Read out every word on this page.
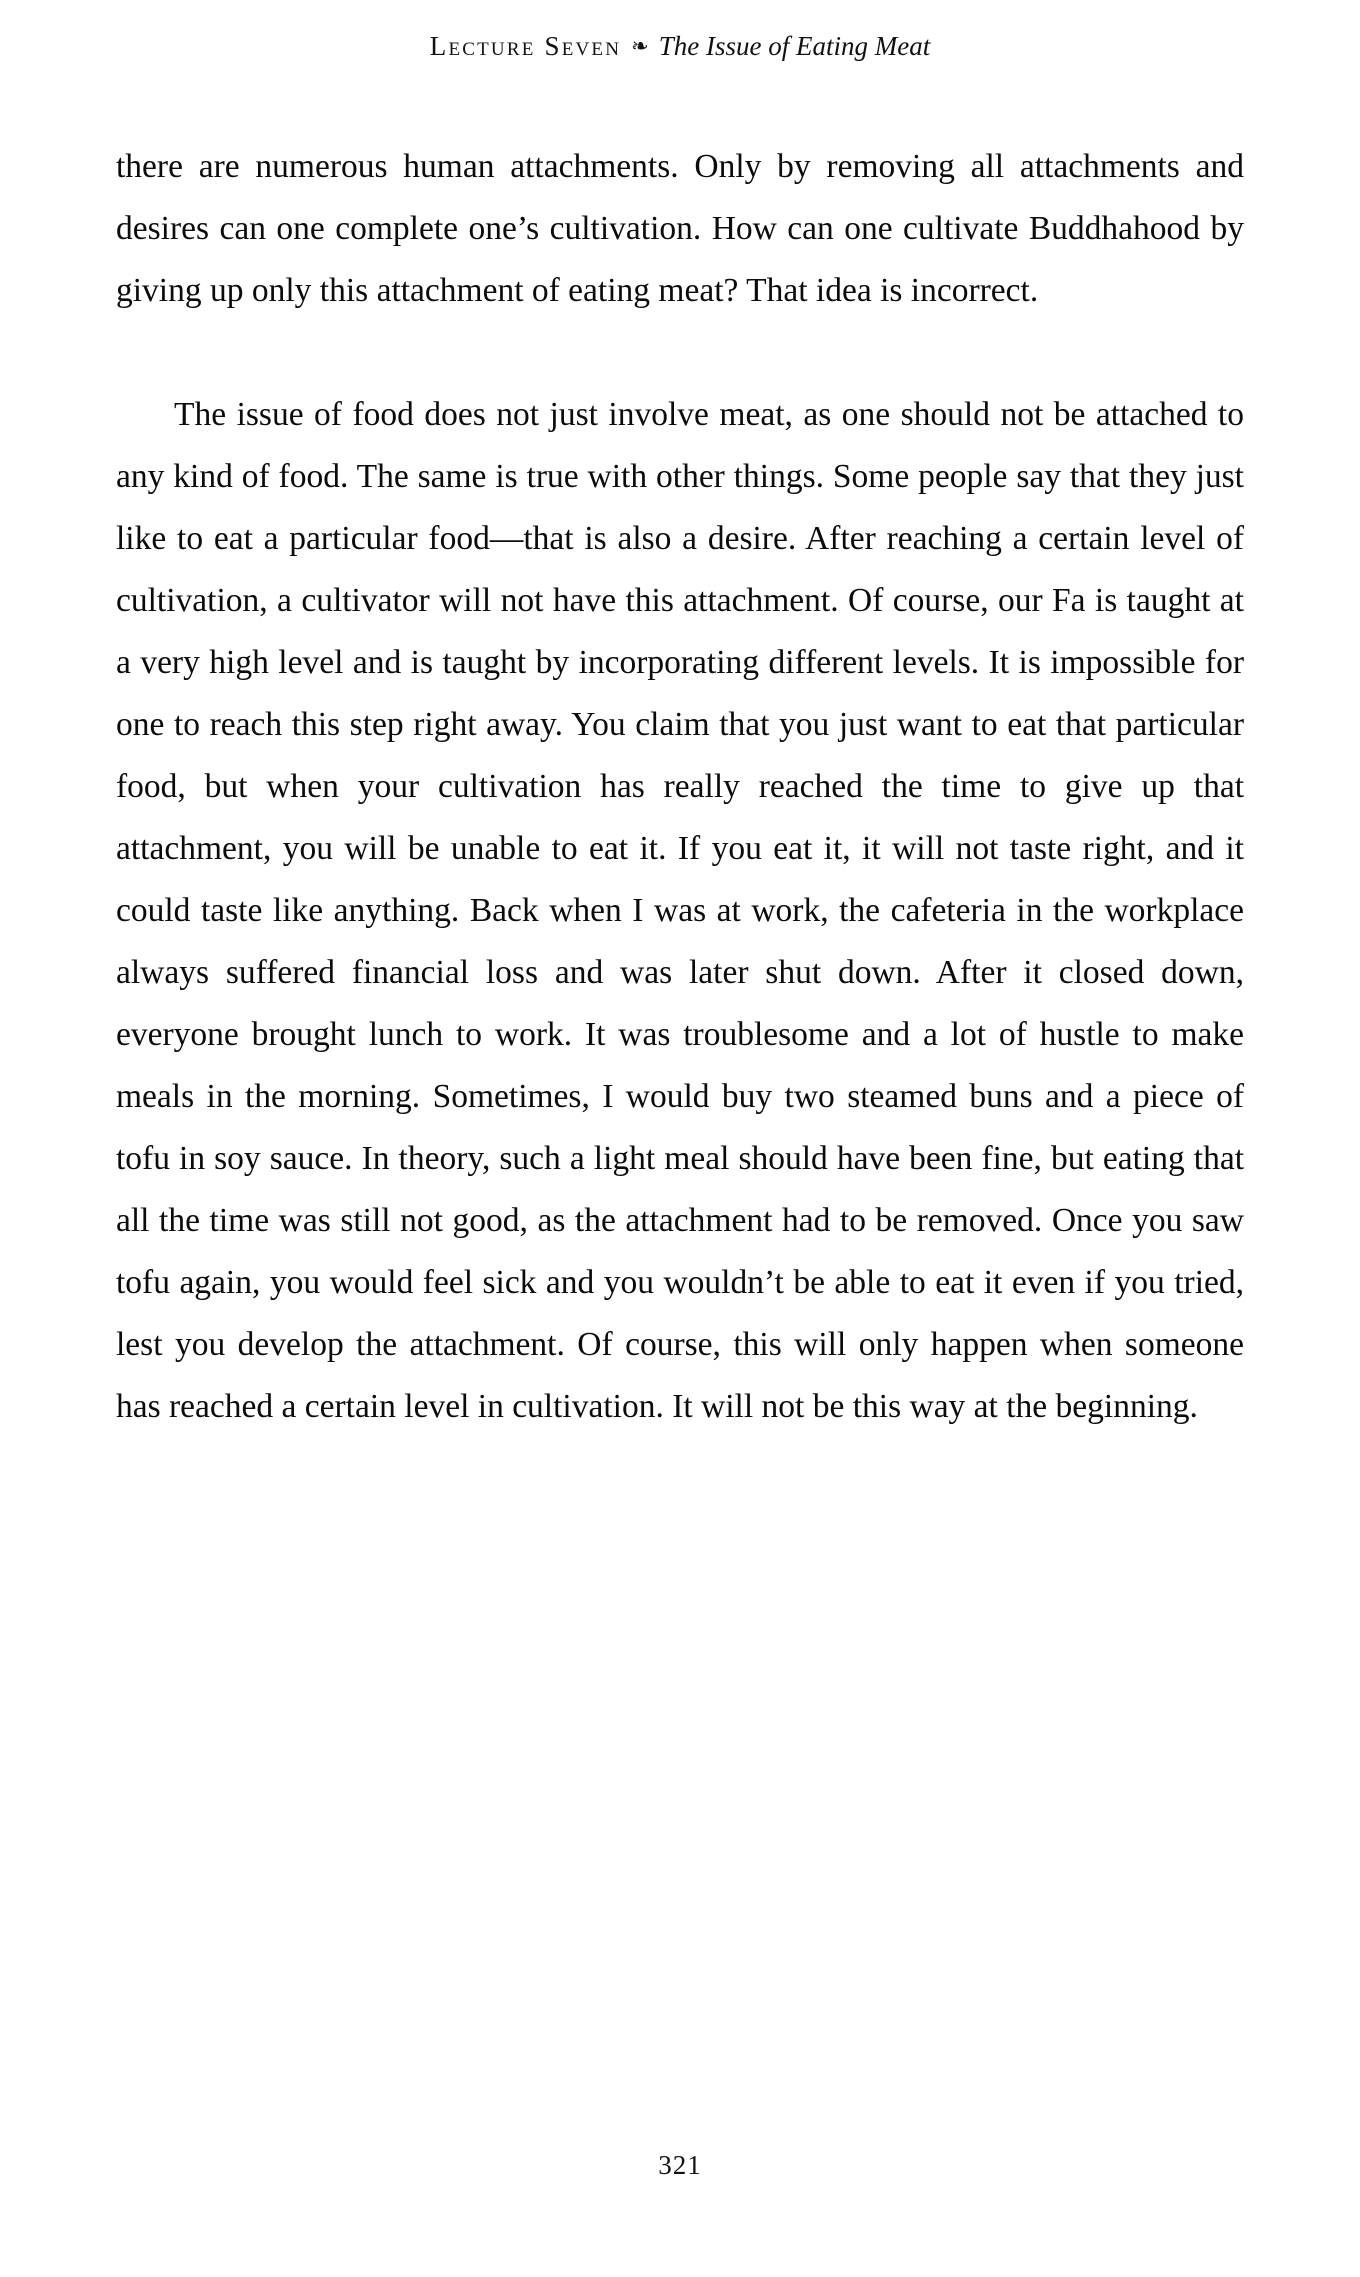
Lecture Seven ❧ The Issue of Eating Meat

there are numerous human attachments. Only by removing all attachments and desires can one complete one’s cultivation. How can one cultivate Buddhahood by giving up only this attachment of eating meat? That idea is incorrect.

The issue of food does not just involve meat, as one should not be attached to any kind of food. The same is true with other things. Some people say that they just like to eat a particular food—that is also a desire. After reaching a certain level of cultivation, a cultivator will not have this attachment. Of course, our Fa is taught at a very high level and is taught by incorporating different levels. It is impossible for one to reach this step right away. You claim that you just want to eat that particular food, but when your cultivation has really reached the time to give up that attachment, you will be unable to eat it. If you eat it, it will not taste right, and it could taste like anything. Back when I was at work, the cafeteria in the workplace always suffered financial loss and was later shut down. After it closed down, everyone brought lunch to work. It was troublesome and a lot of hustle to make meals in the morning. Sometimes, I would buy two steamed buns and a piece of tofu in soy sauce. In theory, such a light meal should have been fine, but eating that all the time was still not good, as the attachment had to be removed. Once you saw tofu again, you would feel sick and you wouldn’t be able to eat it even if you tried, lest you develop the attachment. Of course, this will only happen when someone has reached a certain level in cultivation. It will not be this way at the beginning.

321
